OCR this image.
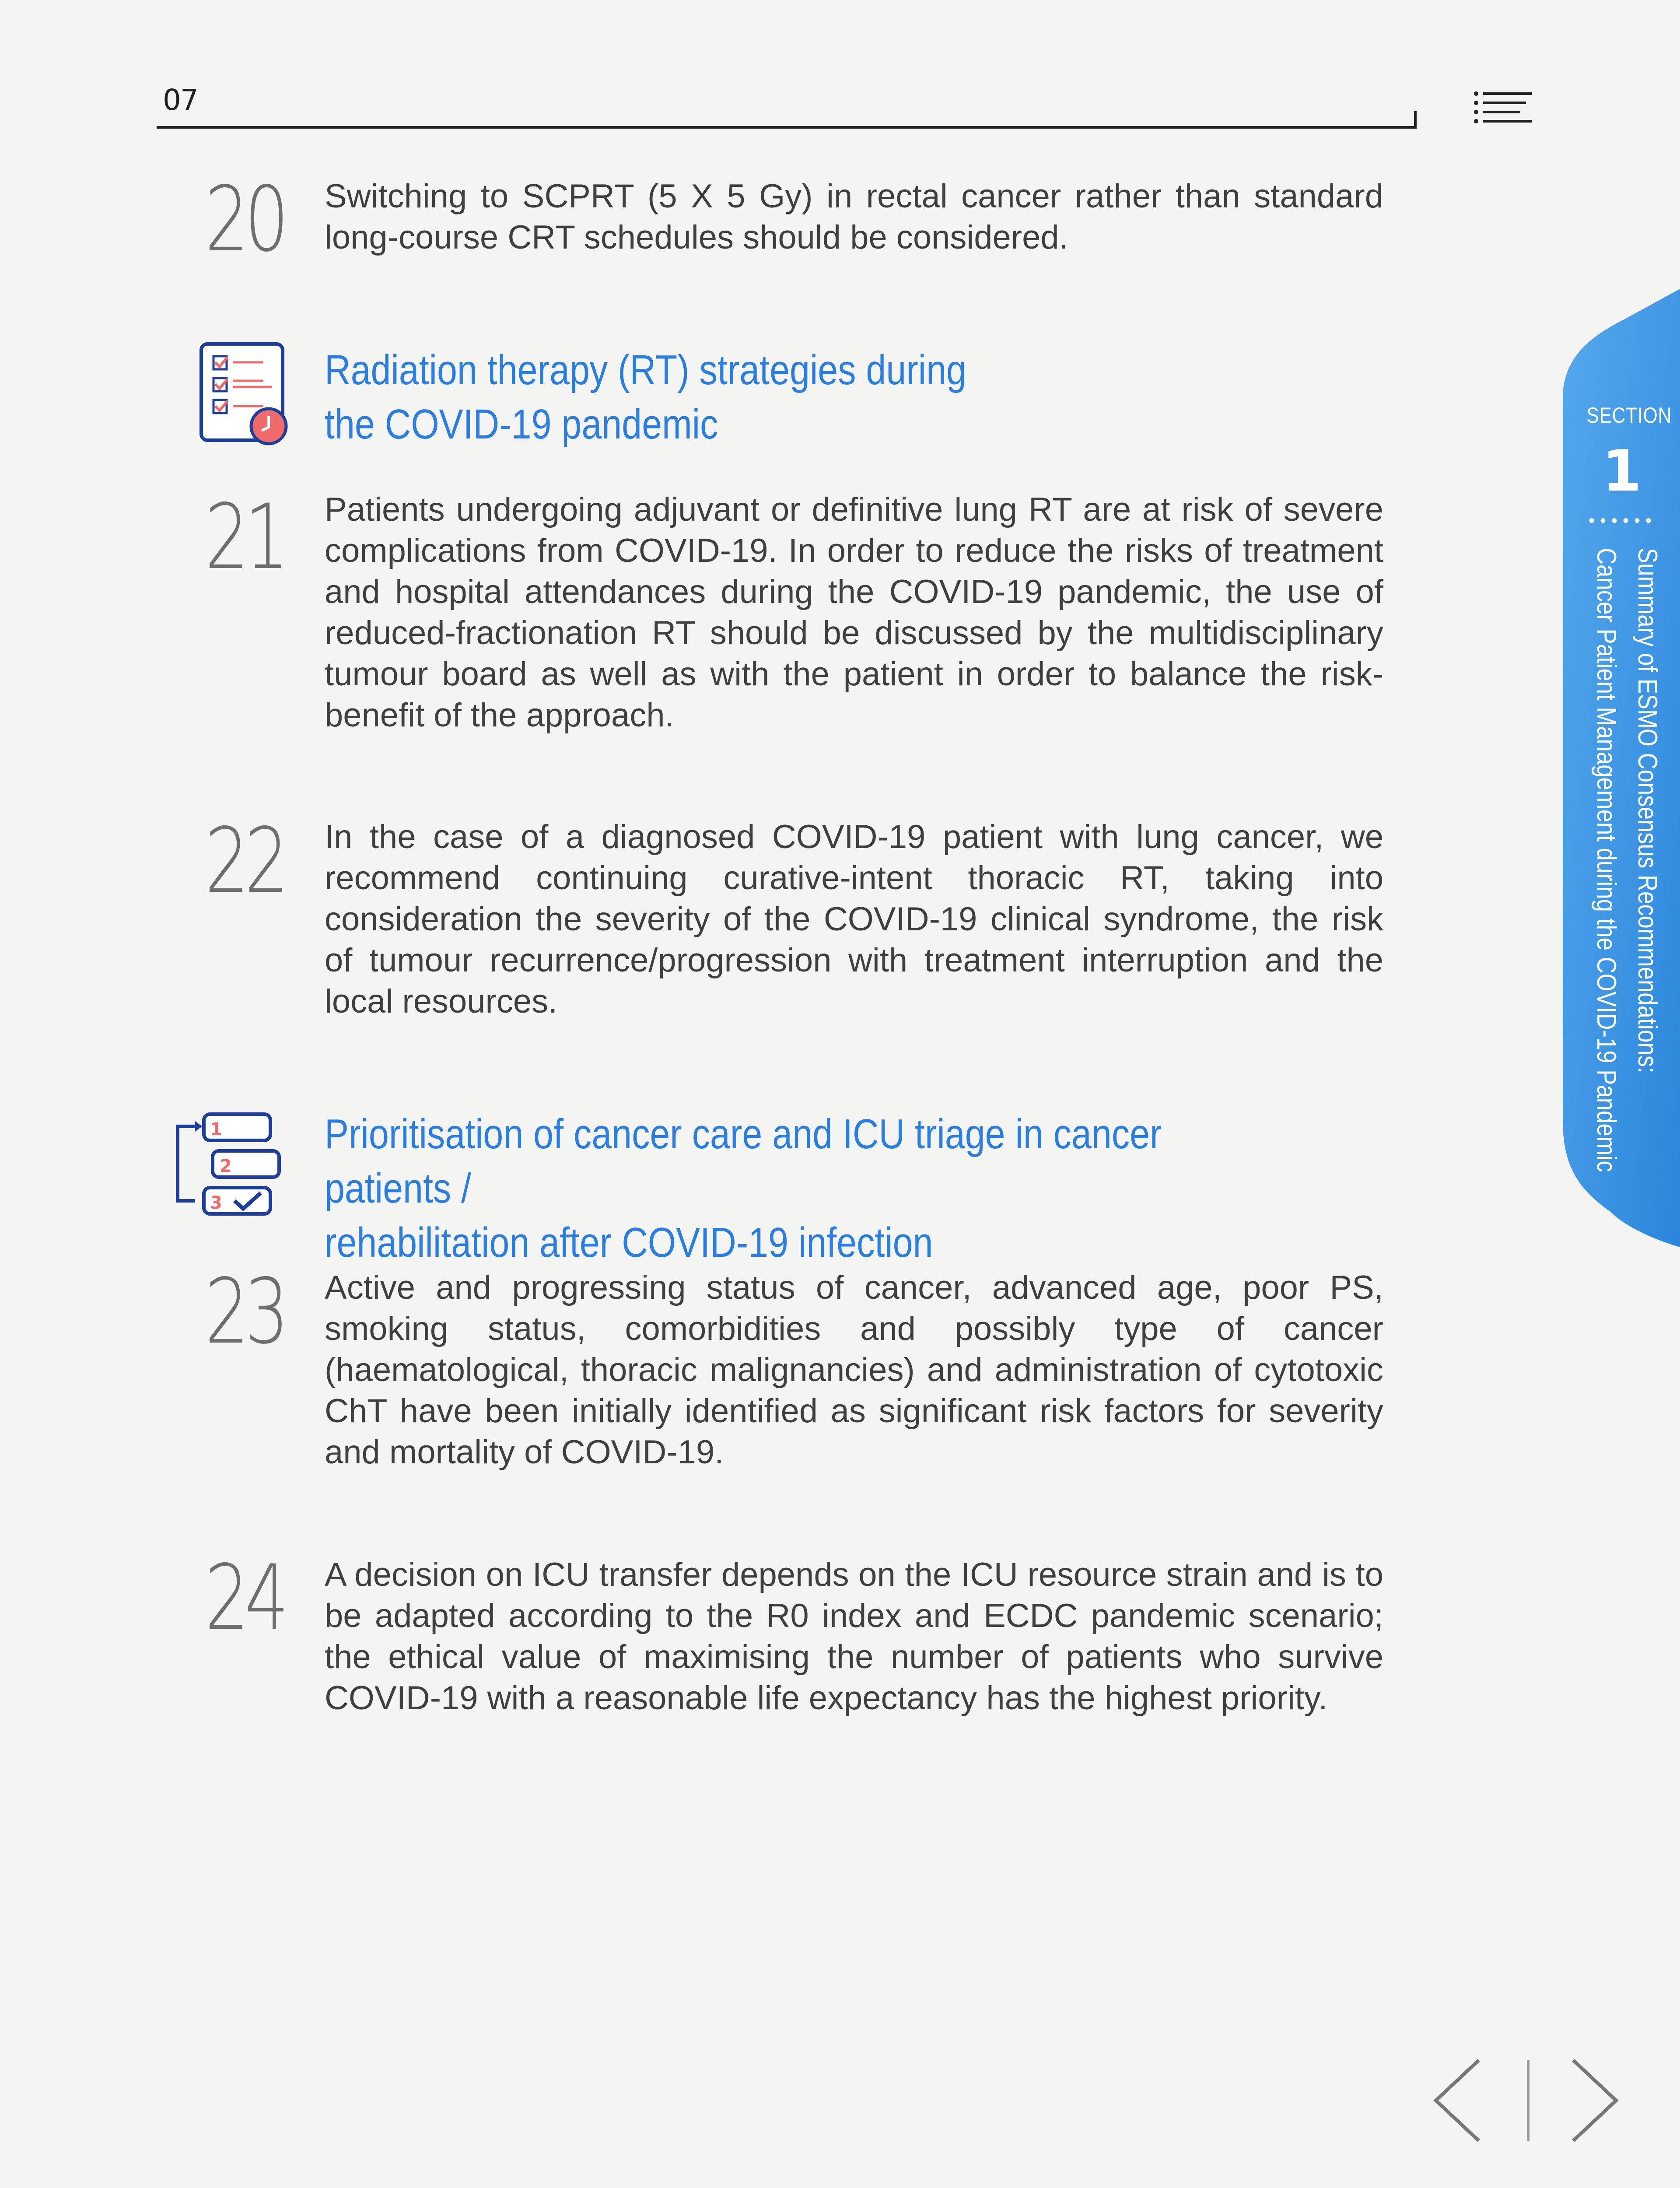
07
20 Switching to SCPRT (5 X 5 Gy) in rectal cancer rather than standard long-course CRT schedules should be considered.
Radiation therapy (RT) strategies during
the COVID-19 pandemic
21 Patients undergoing adjuvant or definitive lung RT are at risk of severe complications from COVID-19. In order to reduce the risks of treatment and hospital attendances during the COVID-19 pandemic, the use of reduced-fractionation RT should be discussed by the multidisciplinary tumour board as well as with the patient in order to balance the risk-benefit of the approach.
22 In the case of a diagnosed COVID-19 patient with lung cancer, we recommend continuing curative-intent thoracic RT, taking into consideration the severity of the COVID-19 clinical syndrome, the risk of tumour recurrence/progression with treatment interruption and the local resources.
1
2
3
Prioritisation of cancer care and ICU triage in cancer patients /
rehabilitation after COVID-19 infection
23 Active and progressing status of cancer, advanced age, poor PS, smoking status, comorbidities and possibly type of cancer (haematological, thoracic malignancies) and administration of cytotoxic ChT have been initially identified as significant risk factors for severity and mortality of COVID-19.
24 A decision on ICU transfer depends on the ICU resource strain and is to be adapted according to the R0 index and ECDC pandemic scenario; the ethical value of maximising the number of patients who survive COVID-19 with a reasonable life expectancy has the highest priority.
SECTION
1
••••••
Summary of ESMO Consensus Recommendations:
Cancer Patient Management during the COVID-19 Pandemic
